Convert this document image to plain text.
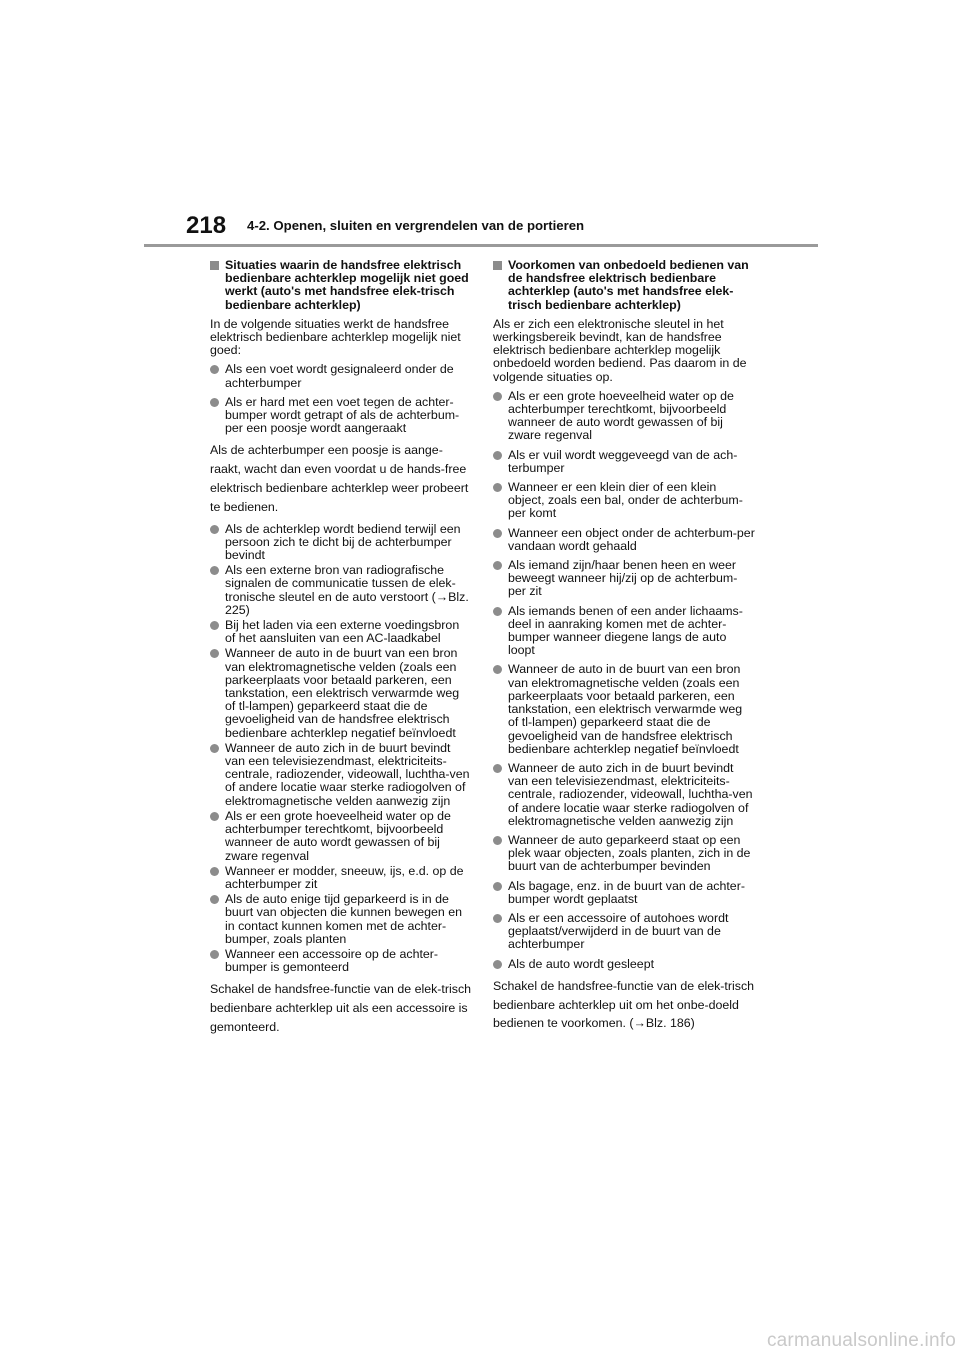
218 4-2. Openen, sluiten en vergrendelen van de portieren
Situaties waarin de handsfree elektrisch bedienbare achterklep mogelijk niet goed werkt (auto's met handsfree elek-trisch bedienbare achterklep)
In de volgende situaties werkt de handsfree elektrisch bedienbare achterklep mogelijk niet goed:
Als een voet wordt gesignaleerd onder de achterbumper
Als er hard met een voet tegen de achter-bumper wordt getrapt of als de achterbum-per een poosje wordt aangeraakt
Als de achterbumper een poosje is aange-raakt, wacht dan even voordat u de hands-free elektrisch bedienbare achterklep weer probeert te bedienen.
Als de achterklep wordt bediend terwijl een persoon zich te dicht bij de achterbumper bevindt
Als een externe bron van radiografische signalen de communicatie tussen de elek-tronische sleutel en de auto verstoort (→Blz. 225)
Bij het laden via een externe voedingsbron of het aansluiten van een AC-laadkabel
Wanneer de auto in de buurt van een bron van elektromagnetische velden (zoals een parkeerplaats voor betaald parkeren, een tankstation, een elektrisch verwarmde weg of tl-lampen) geparkeerd staat die de gevoeligheid van de handsfree elektrisch bedienbare achterklep negatief beïnvloedt
Wanneer de auto zich in de buurt bevindt van een televisiezendmast, elektriciteits-centrale, radiozender, videowall, luchtha-ven of andere locatie waar sterke radiogolven of elektromagnetische velden aanwezig zijn
Als er een grote hoeveelheid water op de achterbumper terechtkomt, bijvoorbeeld wanneer de auto wordt gewassen of bij zware regenval
Wanneer er modder, sneeuw, ijs, e.d. op de achterbumper zit
Als de auto enige tijd geparkeerd is in de buurt van objecten die kunnen bewegen en in contact kunnen komen met de achter-bumper, zoals planten
Wanneer een accessoire op de achter-bumper is gemonteerd
Schakel de handsfree-functie van de elek-trisch bedienbare achterklep uit als een accessoire is gemonteerd.
Voorkomen van onbedoeld bedienen van de handsfree elektrisch bedienbare achterklep (auto's met handsfree elek-trisch bedienbare achterklep)
Als er zich een elektronische sleutel in het werkingsbereik bevindt, kan de handsfree elektrisch bedienbare achterklep mogelijk onbedoeld worden bediend. Pas daarom in de volgende situaties op.
Als er een grote hoeveelheid water op de achterbumper terechtkomt, bijvoorbeeld wanneer de auto wordt gewassen of bij zware regenval
Als er vuil wordt weggeveegd van de ach-terbumper
Wanneer er een klein dier of een klein object, zoals een bal, onder de achterbum-per komt
Wanneer een object onder de achterbum-per vandaan wordt gehaald
Als iemand zijn/haar benen heen en weer beweegt wanneer hij/zij op de achterbum-per zit
Als iemands benen of een ander lichaams-deel in aanraking komen met de achter-bumper wanneer diegene langs de auto loopt
Wanneer de auto in de buurt van een bron van elektromagnetische velden (zoals een parkeerplaats voor betaald parkeren, een tankstation, een elektrisch verwarmde weg of tl-lampen) geparkeerd staat die de gevoeligheid van de handsfree elektrisch bedienbare achterklep negatief beïnvloedt
Wanneer de auto zich in de buurt bevindt van een televisiezendmast, elektriciteits-centrale, radiozender, videowall, luchtha-ven of andere locatie waar sterke radiogolven of elektromagnetische velden aanwezig zijn
Wanneer de auto geparkeerd staat op een plek waar objecten, zoals planten, zich in de buurt van de achterbumper bevinden
Als bagage, enz. in de buurt van de achter-bumper wordt geplaatst
Als er een accessoire of autohoes wordt geplaatst/verwijderd in de buurt van de achterbumper
Als de auto wordt gesleept
Schakel de handsfree-functie van de elek-trisch bedienbare achterklep uit om het onbe-doeld bedienen te voorkomen. (→Blz. 186)
carmanualsonline.info
